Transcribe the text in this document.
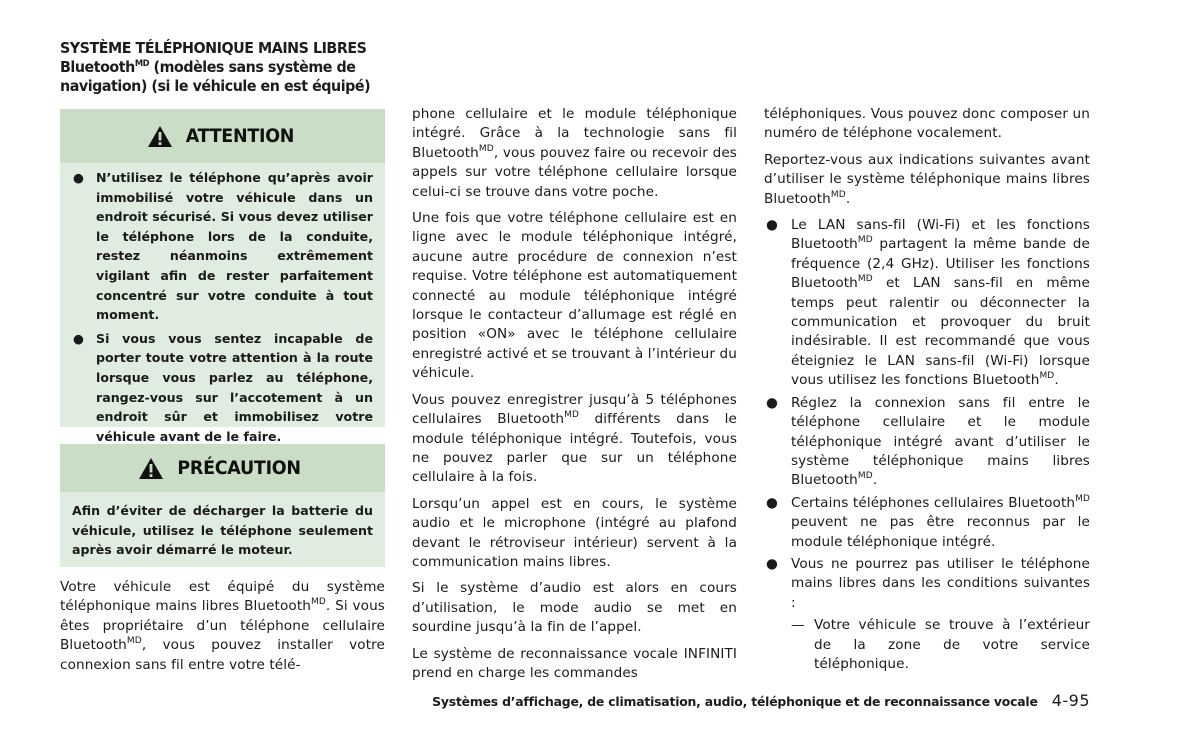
SYSTÈME TÉLÉPHONIQUE MAINS LIBRES
Bluetooth$^{MD}$ (modèles sans système de
navigation) (si le véhicule en est équipé)
ATTENTION
● N’utilisez le téléphone qu’après avoir immobilisé votre véhicule dans un endroit sécurisé. Si vous devez utiliser le téléphone lors de la conduite, restez néanmoins extrêmement vigilant afin de rester parfaitement concentré sur votre conduite à tout moment.
● Si vous vous sentez incapable de porter toute votre attention à la route lorsque vous parlez au téléphone, rangez-vous sur l’accotement à un endroit sûr et immobilisez votre véhicule avant de le faire.
PRÉCAUTION

Afin d’éviter de décharger la batterie du véhicule, utilisez le téléphone seulement après avoir démarré le moteur.

Votre véhicule est équipé du système téléphonique mains libres Bluetooth$^{MD}$. Si vous êtes propriétaire d’un téléphone cellulaire Bluetooth$^{MD}$, vous pouvez installer votre connexion sans fil entre votre télé-

phone cellulaire et le module téléphonique intégré. Grâce à la technologie sans fil Bluetooth$^{MD}$, vous pouvez faire ou recevoir des appels sur votre téléphone cellulaire lorsque celui-ci se trouve dans votre poche.

Une fois que votre téléphone cellulaire est en ligne avec le module téléphonique intégré, aucune autre procédure de connexion n’est requise. Votre téléphone est automatiquement connecté au module téléphonique intégré lorsque le contacteur d’allumage est réglé en position «ON» avec le téléphone cellulaire enregistré activé et se trouvant à l’intérieur du véhicule.

Vous pouvez enregistrer jusqu’à 5 téléphones cellulaires Bluetooth$^{MD}$ différents dans le module téléphonique intégré. Toutefois, vous ne pouvez parler que sur un téléphone cellulaire à la fois.

Lorsqu’un appel est en cours, le système audio et le microphone (intégré au plafond devant le rétroviseur intérieur) servent à la communication mains libres.

Si le système d’audio est alors en cours d’utilisation, le mode audio se met en sourdine jusqu’à la fin de l’appel.

Le système de reconnaissance vocale INFINITI prend en charge les commandes

téléphoniques. Vous pouvez donc composer un numéro de téléphone vocalement.

Reportez-vous aux indications suivantes avant d’utiliser le système téléphonique mains libres Bluetooth$^{MD}$.

● Le LAN sans-fil (Wi-Fi) et les fonctions Bluetooth$^{MD}$ partagent la même bande de fréquence (2,4 GHz). Utiliser les fonctions Bluetooth$^{MD}$ et LAN sans-fil en même temps peut ralentir ou déconnecter la communication et provoquer du bruit indésirable. Il est recommandé que vous éteigniez le LAN sans-fil (Wi-Fi) lorsque vous utilisez les fonctions Bluetooth$^{MD}$.
● Réglez la connexion sans fil entre le téléphone cellulaire et le module téléphonique intégré avant d’utiliser le système téléphonique mains libres Bluetooth$^{MD}$.
● Certains téléphones cellulaires Bluetooth$^{MD}$ peuvent ne pas être reconnus par le module téléphonique intégré.
● Vous ne pourrez pas utiliser le téléphone mains libres dans les conditions suivantes :
— Votre véhicule se trouve à l’extérieur de la zone de votre service téléphonique.
Systèmes d’affichage, de climatisation, audio, téléphonique et de reconnaissance vocale 4-95
